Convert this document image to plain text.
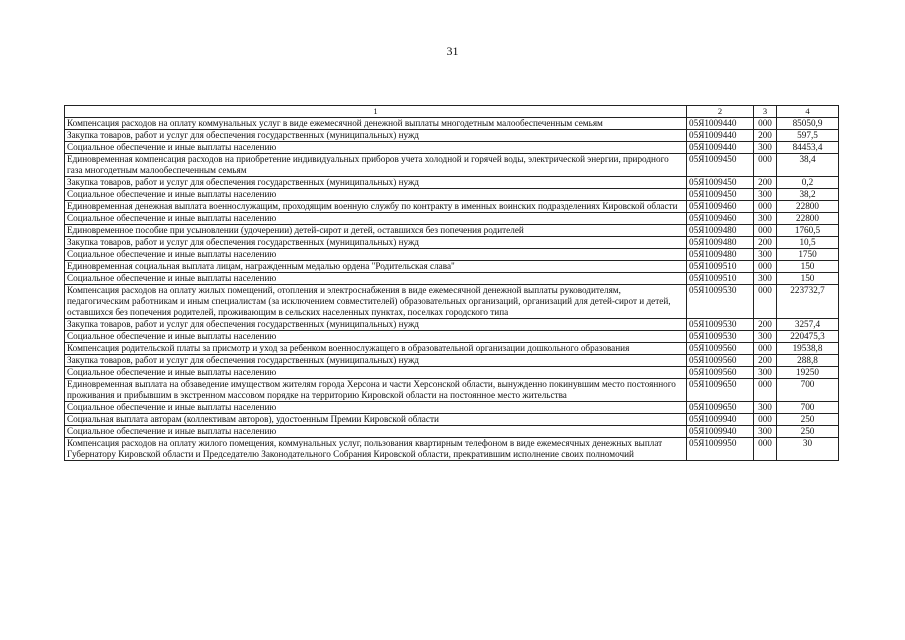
31
1	2	3	4
Компенсация расходов на оплату коммунальных услуг в виде ежемесячной денежной выплаты многодетным малообеспеченным семьям	05Я1009440	000	85050,9
Закупка товаров, работ и услуг для обеспечения государственных (муниципальных) нужд	05Я1009440	200	597,5
Социальное обеспечение и иные выплаты населению	05Я1009440	300	84453,4
Единовременная компенсация расходов на приобретение индивидуальных приборов учета холодной и горячей воды, электрической энергии, природного газа многодетным малообеспеченным семьям	05Я1009450	000	38,4
Закупка товаров, работ и услуг для обеспечения государственных (муниципальных) нужд	05Я1009450	200	0,2
Социальное обеспечение и иные выплаты населению	05Я1009450	300	38,2
Единовременная денежная выплата военнослужащим, проходящим военную службу по контракту в именных воинских подразделениях Кировской области	05Я1009460	000	22800
Социальное обеспечение и иные выплаты населению	05Я1009460	300	22800
Единовременное пособие при усыновлении (удочерении) детей-сирот и детей, оставшихся без попечения родителей	05Я1009480	000	1760,5
Закупка товаров, работ и услуг для обеспечения государственных (муниципальных) нужд	05Я1009480	200	10,5
Социальное обеспечение и иные выплаты населению	05Я1009480	300	1750
Единовременная социальная выплата лицам, награжденным медалью ордена "Родительская слава"	05Я1009510	000	150
Социальное обеспечение и иные выплаты населению	05Я1009510	300	150
Компенсация расходов на оплату жилых помещений, отопления и электроснабжения в виде ежемесячной денежной выплаты руководителям, педагогическим работникам и иным специалистам (за исключением совместителей) образовательных организаций, организаций для детей-сирот и детей, оставшихся без попечения родителей, проживающим в сельских населенных пунктах, поселках городского типа	05Я1009530	000	223732,7
Закупка товаров, работ и услуг для обеспечения государственных (муниципальных) нужд	05Я1009530	200	3257,4
Социальное обеспечение и иные выплаты населению	05Я1009530	300	220475,3
Компенсация родительской платы за присмотр и уход за ребенком военнослужащего в образовательной организации дошкольного образования	05Я1009560	000	19538,8
Закупка товаров, работ и услуг для обеспечения государственных (муниципальных) нужд	05Я1009560	200	288,8
Социальное обеспечение и иные выплаты населению	05Я1009560	300	19250
Единовременная выплата на обзаведение имуществом жителям города Херсона и части Херсонской области, вынужденно покинувшим место постоянного проживания и прибывшим в экстренном массовом порядке на территорию Кировской области на постоянное место жительства	05Я1009650	000	700
Социальное обеспечение и иные выплаты населению	05Я1009650	300	700
Социальная выплата авторам (коллективам авторов), удостоенным Премии Кировской области	05Я1009940	000	250
Социальное обеспечение и иные выплаты населению	05Я1009940	300	250
Компенсация расходов на оплату жилого помещения, коммунальных услуг, пользования квартирным телефоном в виде ежемесячных денежных выплат Губернатору Кировской области и Председателю Законодательного Собрания Кировской области, прекратившим исполнение своих полномочий	05Я1009950	000	30
